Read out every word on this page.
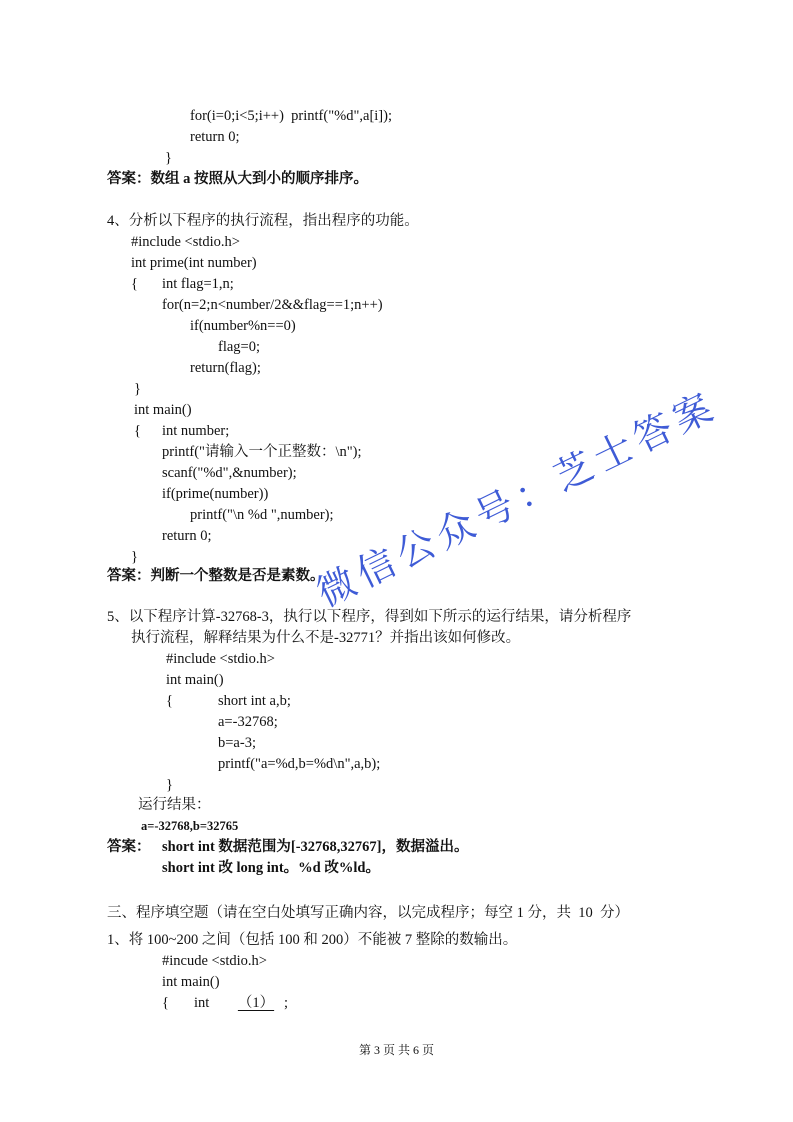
for(i=0;i<5;i++)  printf("%d",a[i]);
return 0;
}
答案：数组 a 按照从大到小的顺序排序。
4、分析以下程序的执行流程，指出程序的功能。
#include <stdio.h>
int prime(int number)
{ int flag=1,n;
for(n=2;n<number/2&&flag==1;n++)
if(number%n==0)
flag=0;
return(flag);
}
int main()
{ int number;
printf("请输入一个正整数：\n");
scanf("%d",&number);
if(prime(number))
printf("\n %d ",number);
return 0;
}
答案：判断一个整数是否是素数。
5、以下程序计算-32768-3，执行以下程序，得到如下所示的运行结果，请分析程序
执行流程，解释结果为什么不是-32771？并指出该如何修改。
#include <stdio.h>
int main()
{	short int a,b;
a=-32768;
b=a-3;
printf("a=%d,b=%d\n",a,b);
}
运行结果：
a=-32768,b=32765
答案： short int 数据范围为[-32768,32767]，数据溢出。
short int 改 long int。%d 改%ld。
三、程序填空题（请在空白处填写正确内容，以完成程序；每空 1 分，共  10  分）
1、将 100~200 之间（包括 100 和 200）不能被 7 整除的数输出。
#incude <stdio.h>
int main()
{ int	（1） ;
微信公众号：芝士答案
第 3 页 共 6 页
